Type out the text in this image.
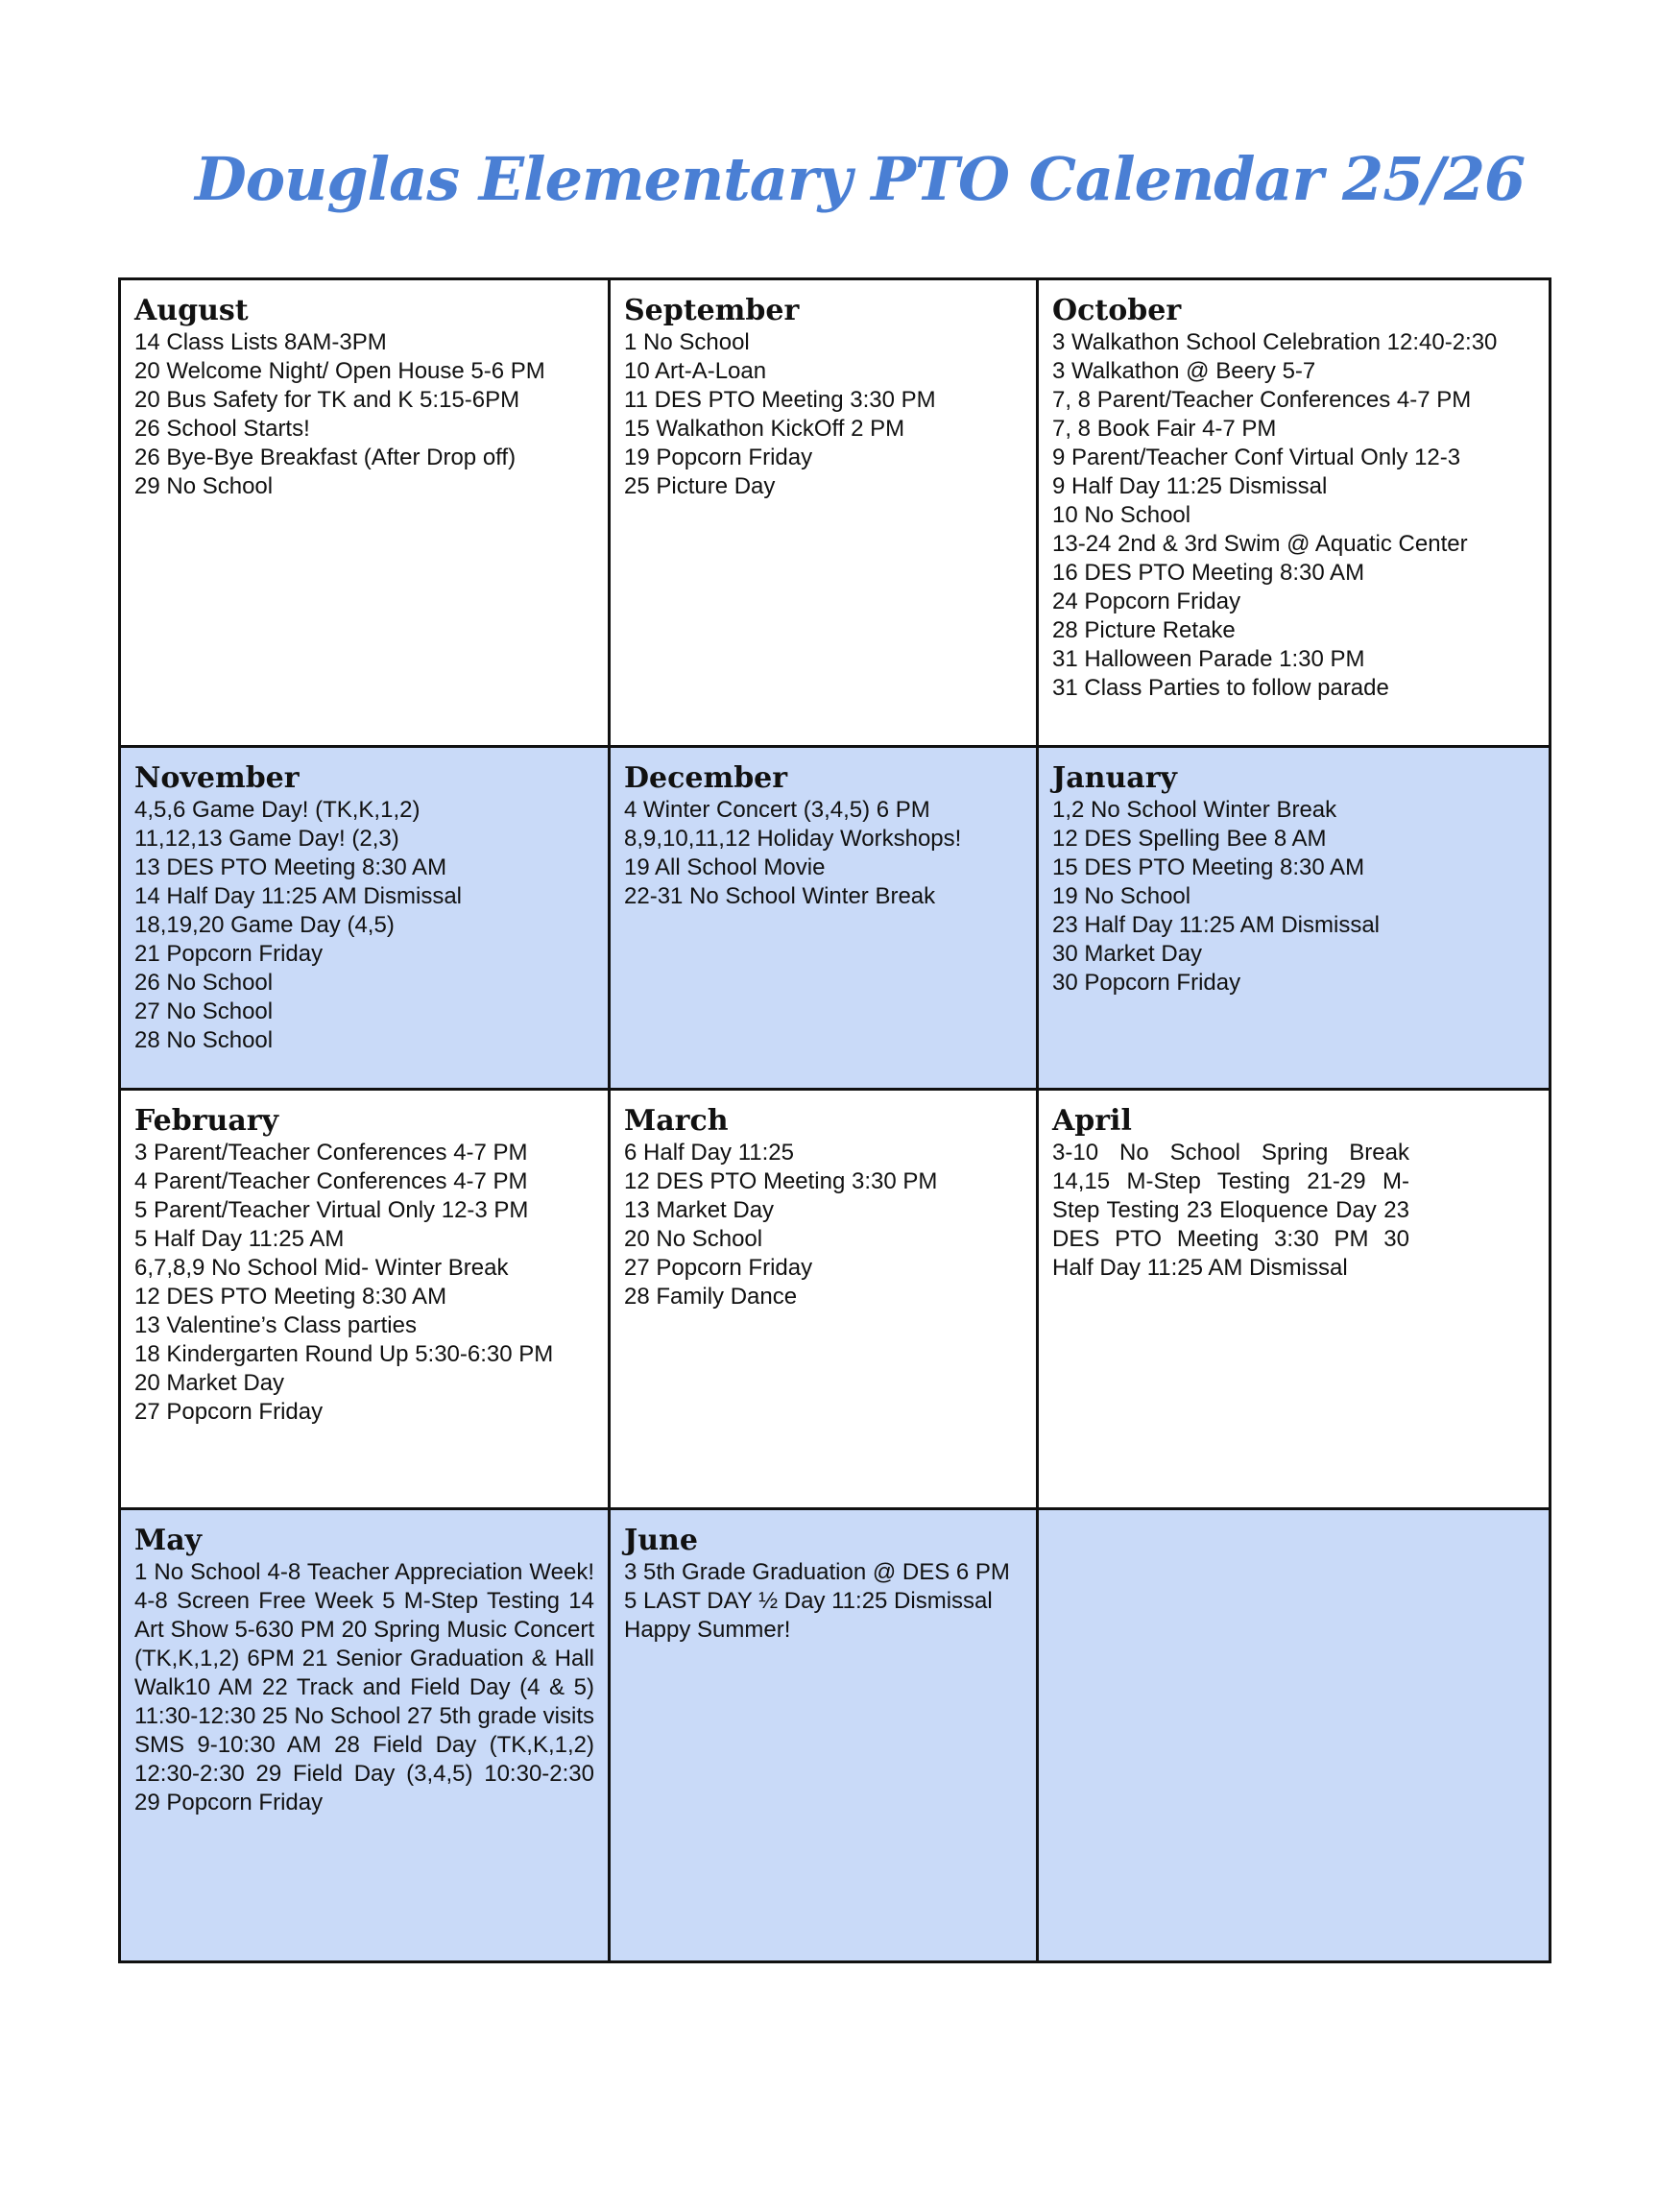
Douglas Elementary PTO Calendar 25/26
August
14 Class Lists 8AM-3PM
20 Welcome Night/ Open House 5-6 PM
20 Bus Safety for TK and K 5:15-6PM
26 School Starts!
26 Bye-Bye Breakfast (After Drop off)
29 No School
September
1 No School
10 Art-A-Loan
11 DES PTO Meeting 3:30 PM
15 Walkathon KickOff 2 PM
19 Popcorn Friday
25 Picture Day
October
3 Walkathon School Celebration 12:40-2:30
3 Walkathon @ Beery 5-7
7, 8 Parent/Teacher Conferences 4-7 PM
7, 8 Book Fair 4-7 PM
9 Parent/Teacher Conf Virtual Only 12-3
9 Half Day 11:25 Dismissal
10 No School
13-24 2nd & 3rd Swim @ Aquatic Center
16 DES PTO Meeting 8:30 AM
24 Popcorn Friday
28 Picture Retake
31 Halloween Parade 1:30 PM
31 Class Parties to follow parade
November
4,5,6 Game Day! (TK,K,1,2)
11,12,13 Game Day! (2,3)
13 DES PTO Meeting 8:30 AM
14 Half Day 11:25 AM Dismissal
18,19,20 Game Day (4,5)
21 Popcorn Friday
26 No School
27 No School
28 No School
December
4 Winter Concert (3,4,5) 6 PM
8,9,10,11,12 Holiday Workshops!
19 All School Movie
22-31 No School Winter Break
January
1,2 No School Winter Break
12 DES Spelling Bee 8 AM
15 DES PTO Meeting 8:30 AM
19 No School
23 Half Day 11:25 AM Dismissal
30 Market Day
30 Popcorn Friday
February
3 Parent/Teacher Conferences 4-7 PM
4 Parent/Teacher Conferences 4-7 PM
5 Parent/Teacher Virtual Only 12-3 PM
5 Half Day 11:25 AM
6,7,8,9 No School Mid- Winter Break
12 DES PTO Meeting 8:30 AM
13 Valentine’s Class parties
18 Kindergarten Round Up 5:30-6:30 PM
20 Market Day
27 Popcorn Friday
March
6 Half Day 11:25
12 DES PTO Meeting 3:30 PM
13 Market Day
20 No School
27 Popcorn Friday
28 Family Dance
April

3-10 No School Spring Break 14,15 M-Step Testing 21-29 M-Step Testing 23 Eloquence Day 23 DES PTO Meeting 3:30 PM 30 Half Day 11:25 AM Dismissal

May

1 No School 4-8 Teacher Appreciation Week! 4-8 Screen Free Week 5 M-Step Testing 14 Art Show 5-630 PM 20 Spring Music Concert (TK,K,1,2) 6PM 21 Senior Graduation & Hall Walk10 AM 22 Track and Field Day (4 & 5) 11:30-12:30 25 No School 27 5th grade visits SMS 9-10:30 AM 28 Field Day (TK,K,1,2) 12:30-2:30 29 Field Day (3,4,5) 10:30-2:30 29 Popcorn Friday

June
3 5th Grade Graduation @ DES 6 PM
5 LAST DAY ½ Day 11:25 Dismissal
Happy Summer!
